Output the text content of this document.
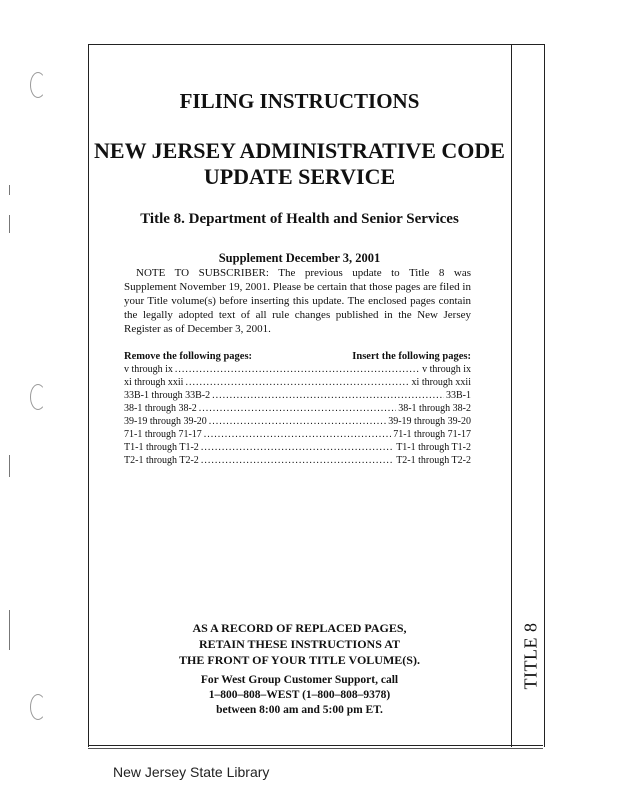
TITLE 8
FILING INSTRUCTIONS
NEW JERSEY ADMINISTRATIVE CODE
UPDATE SERVICE
Title 8. Department of Health and Senior Services
Supplement December 3, 2001
NOTE TO SUBSCRIBER: The previous update to Title 8 was
Supplement November 19, 2001. Please be certain that those pages are filed in
your Title volume(s) before inserting this update. The enclosed pages contain
the legally adopted text of all rule changes published in the New Jersey
Register as of December 3, 2001.
Remove the following pages:	Insert the following pages:
v through ix .....	v through ix
xi through xxii .....	xi through xxii
33B-1 through 33B-2 .....	33B-1
38-1 through 38-2 .....	38-1 through 38-2
39-19 through 39-20 .....	39-19 through 39-20
71-1 through 71-17 .....	71-1 through 71-17
T1-1 through T1-2 .....	T1-1 through T1-2
T2-1 through T2-2 .....	T2-1 through T2-2
AS A RECORD OF REPLACED PAGES,
RETAIN THESE INSTRUCTIONS AT
THE FRONT OF YOUR TITLE VOLUME(S).
For West Group Customer Support, call
1–800–808–WEST (1–800–808–9378)
between 8:00 am and 5:00 pm ET.
New Jersey State Library
